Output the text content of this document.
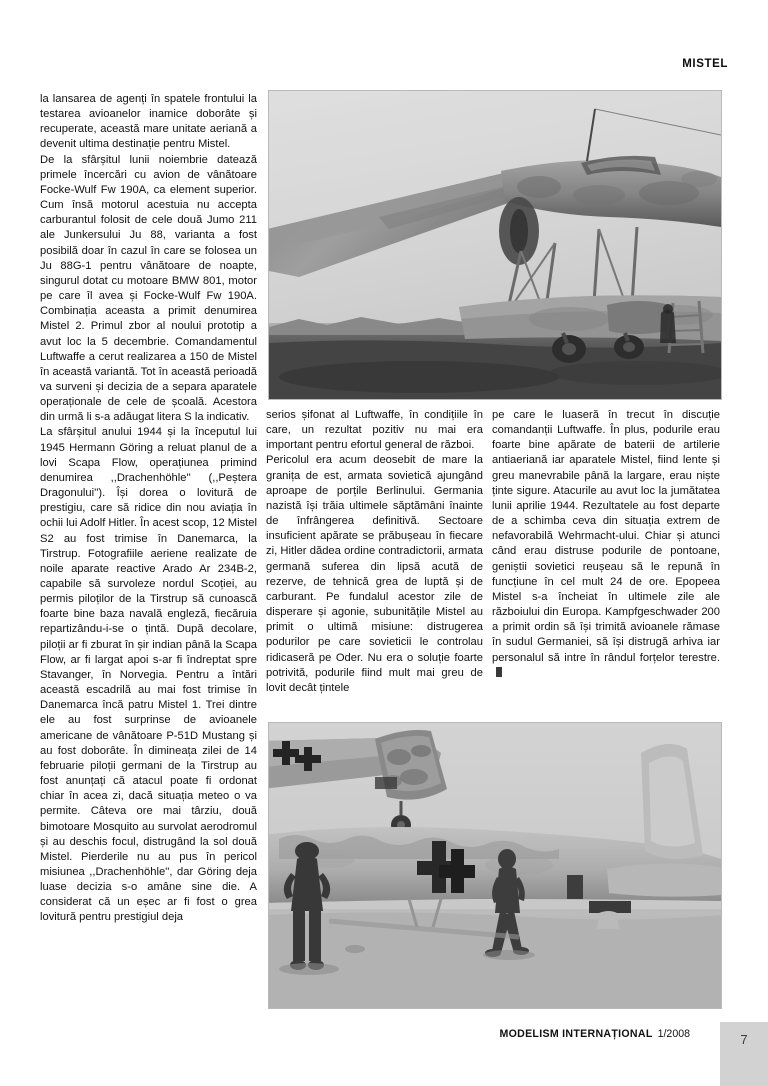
MISTEL

la lansarea de agenți în spatele frontului la testarea avioanelor inamice doborâte și recuperate, această mare unitate aeriană a devenit ultima destinație pentru Mistel.

De la sfârșitul lunii noiembrie datează primele încercări cu avion de vânătoare Focke-Wulf Fw 190A, ca element superior. Cum însă motorul acestuia nu accepta carburantul folosit de cele două Jumo 211 ale Junkersului Ju 88, varianta a fost posibilă doar în cazul în care se folosea un Ju 88G-1 pentru vânătoare de noapte, singurul dotat cu motoare BMW 801, motor pe care îl avea și Focke-Wulf Fw 190A. Combinația aceasta a primit denumirea Mistel 2. Primul zbor al noului prototip a avut loc la 5 decembrie. Comandamentul Luftwaffe a cerut realizarea a 150 de Mistel în această variantă. Tot în această perioadă va surveni și decizia de a separa aparatele operaționale de cele de școală. Acestora din urmă li s-a adăugat litera S la indicativ.

La sfârșitul anului 1944 și la începutul lui 1945 Hermann Göring a reluat planul de a lovi Scapa Flow, operațiunea primind denumirea ,,Drachenhöhle'' (,,Peștera Dragonului''). Își dorea o lovitură de prestigiu, care să ridice din nou aviația în ochii lui Adolf Hitler. În acest scop, 12 Mistel S2 au fost trimise în Danemarca, la Tirstrup. Fotografiile aeriene realizate de noile aparate reactive Arado Ar 234B-2, capabile să survoleze nordul Scoției, au permis piloților de la Tirstrup să cunoască foarte bine baza navală engleză, fiecăruia repartizându-i-se o țintă. După decolare, piloții ar fi zburat în șir indian până la Scapa Flow, ar fi largat apoi s-ar fi îndreptat spre Stavanger, în Norvegia. Pentru a întări această escadrilă au mai fost trimise în Danemarca încă patru Mistel 1. Trei dintre ele au fost surprinse de avioanele americane de vânătoare P-51D Mustang și au fost doborâte. În dimineața zilei de 14 februarie piloții germani de la Tirstrup au fost anunțați că atacul poate fi ordonat chiar în acea zi, dacă situația meteo o va permite. Câteva ore mai târziu, două bimotoare Mosquito au survolat aerodromul și au deschis focul, distrugând la sol două Mistel. Pierderile nu au pus în pericol misiunea ,,Drachenhöhle'', dar Göring deja luase decizia s-o amâne sine die. A considerat că un eșec ar fi fost o grea lovitură pentru prestigiul deja

serios șifonat al Luftwaffe, în condițiile în care, un rezultat pozitiv nu mai era important pentru efortul general de război.

Pericolul era acum deosebit de mare la granița de est, armata sovietică ajungând aproape de porțile Berlinului. Germania nazistă își trăia ultimele săptămâni înainte de înfrângerea definitivă. Sectoare insuficient apărate se prăbușeau în fiecare zi, Hitler dădea ordine contradictorii, armata germană suferea din lipsă acută de rezerve, de tehnică grea de luptă și de carburant. Pe fundalul acestor zile de disperare și agonie, subunitățile Mistel au primit o ultimă misiune: distrugerea podurilor pe care sovieticii le controlau ridicaseră pe Oder. Nu era o soluție foarte potrivită, podurile fiind mult mai greu de lovit decât țintele

pe care le luaseră în trecut în discuție comandanții Luftwaffe. În plus, podurile erau foarte bine apărate de baterii de artilerie antiaeriană iar aparatele Mistel, fiind lente și greu manevrabile până la largare, erau niște ținte sigure. Atacurile au avut loc la jumătatea lunii aprilie 1944. Rezultatele au fost departe de a schimba ceva din situația extrem de nefavorabilă Wehrmacht-ului. Chiar și atunci când erau distruse podurile de pontoane, geniștii sovietici reușeau să le repună în funcțiune în cel mult 24 de ore. Epopeea Mistel s-a încheiat în ultimele zile ale războiului din Europa. Kampfgeschwader 200 a primit ordin să își trimită avioanele rămase în sudul Germaniei, să își distrugă arhiva iar personalul să intre în rândul forțelor terestre.

MODELISM INTERNAȚIONAL 1/2008	7
